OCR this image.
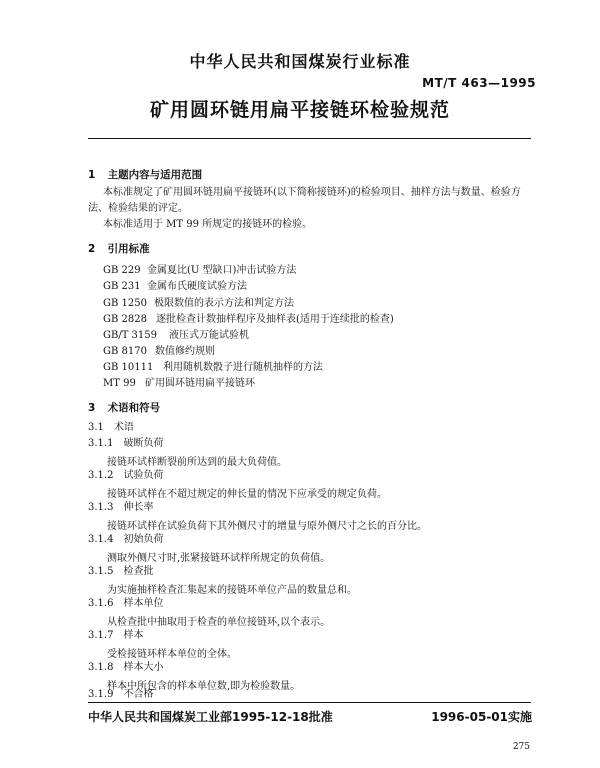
中华人民共和国煤炭行业标准
MT/T 463—1995
矿用圆环链用扁平接链环检验规范
1 主题内容与适用范围
本标准规定了矿用圆环链用扁平接链环(以下简称接链环)的检验项目、抽样方法与数量、检验方
法、检验结果的评定。
本标准适用于 MT 99 所规定的接链环的检验。
2 引用标准
GB 229 金属夏比(U 型缺口)冲击试验方法
GB 231 金属布氏硬度试验方法
GB 1250 极限数值的表示方法和判定方法
GB 2828 逐批检查计数抽样程序及抽样表(适用于连续批的检查)
GB/T 3159 液压式万能试验机
GB 8170 数值修约规则
GB 10111 利用随机数骰子进行随机抽样的方法
MT 99 矿用圆环链用扁平接链环
3 术语和符号
3.1 术语
3.1.1 破断负荷
接链环试样断裂前所达到的最大负荷值。
3.1.2 试验负荷
接链环试样在不超过规定的伸长量的情况下应承受的规定负荷。
3.1.3 伸长率
接链环试样在试验负荷下其外侧尺寸的增量与原外侧尺寸之长的百分比。
3.1.4 初始负荷
测取外侧尺寸时,张紧接链环试样所规定的负荷值。
3.1.5 检查批
为实施抽样检查汇集起来的接链环单位产品的数量总和。
3.1.6 样本单位
从检查批中抽取用于检查的单位接链环,以个表示。
3.1.7 样本
受检接链环样本单位的全体。
3.1.8 样本大小
样本中所包含的样本单位数,即为检验数量。
3.1.9 不合格
中华人民共和国煤炭工业部1995-12-18批准	1996-05-01实施
275
